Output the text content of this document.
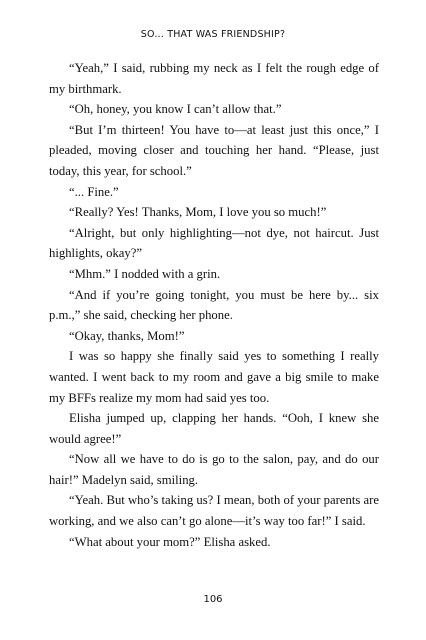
SO... THAT WAS FRIENDSHIP?

“Yeah,” I said, rubbing my neck as I felt the rough edge of my birthmark.

“Oh, honey, you know I can’t allow that.”

“But I’m thirteen! You have to—at least just this once,” I pleaded, moving closer and touching her hand. “Please, just today, this year, for school.”

“... Fine.”

“Really? Yes! Thanks, Mom, I love you so much!”

“Alright, but only highlighting—not dye, not haircut. Just highlights, okay?”

“Mhm.” I nodded with a grin.

“And if you’re going tonight, you must be here by... six p.m.,” she said, checking her phone.

“Okay, thanks, Mom!”

I was so happy she finally said yes to something I really wanted. I went back to my room and gave a big smile to make my BFFs realize my mom had said yes too.

Elisha jumped up, clapping her hands. “Ooh, I knew she would agree!”

“Now all we have to do is go to the salon, pay, and do our hair!” Madelyn said, smiling.

“Yeah. But who’s taking us? I mean, both of your parents are working, and we also can’t go alone—it’s way too far!” I said.

“What about your mom?” Elisha asked.

106
